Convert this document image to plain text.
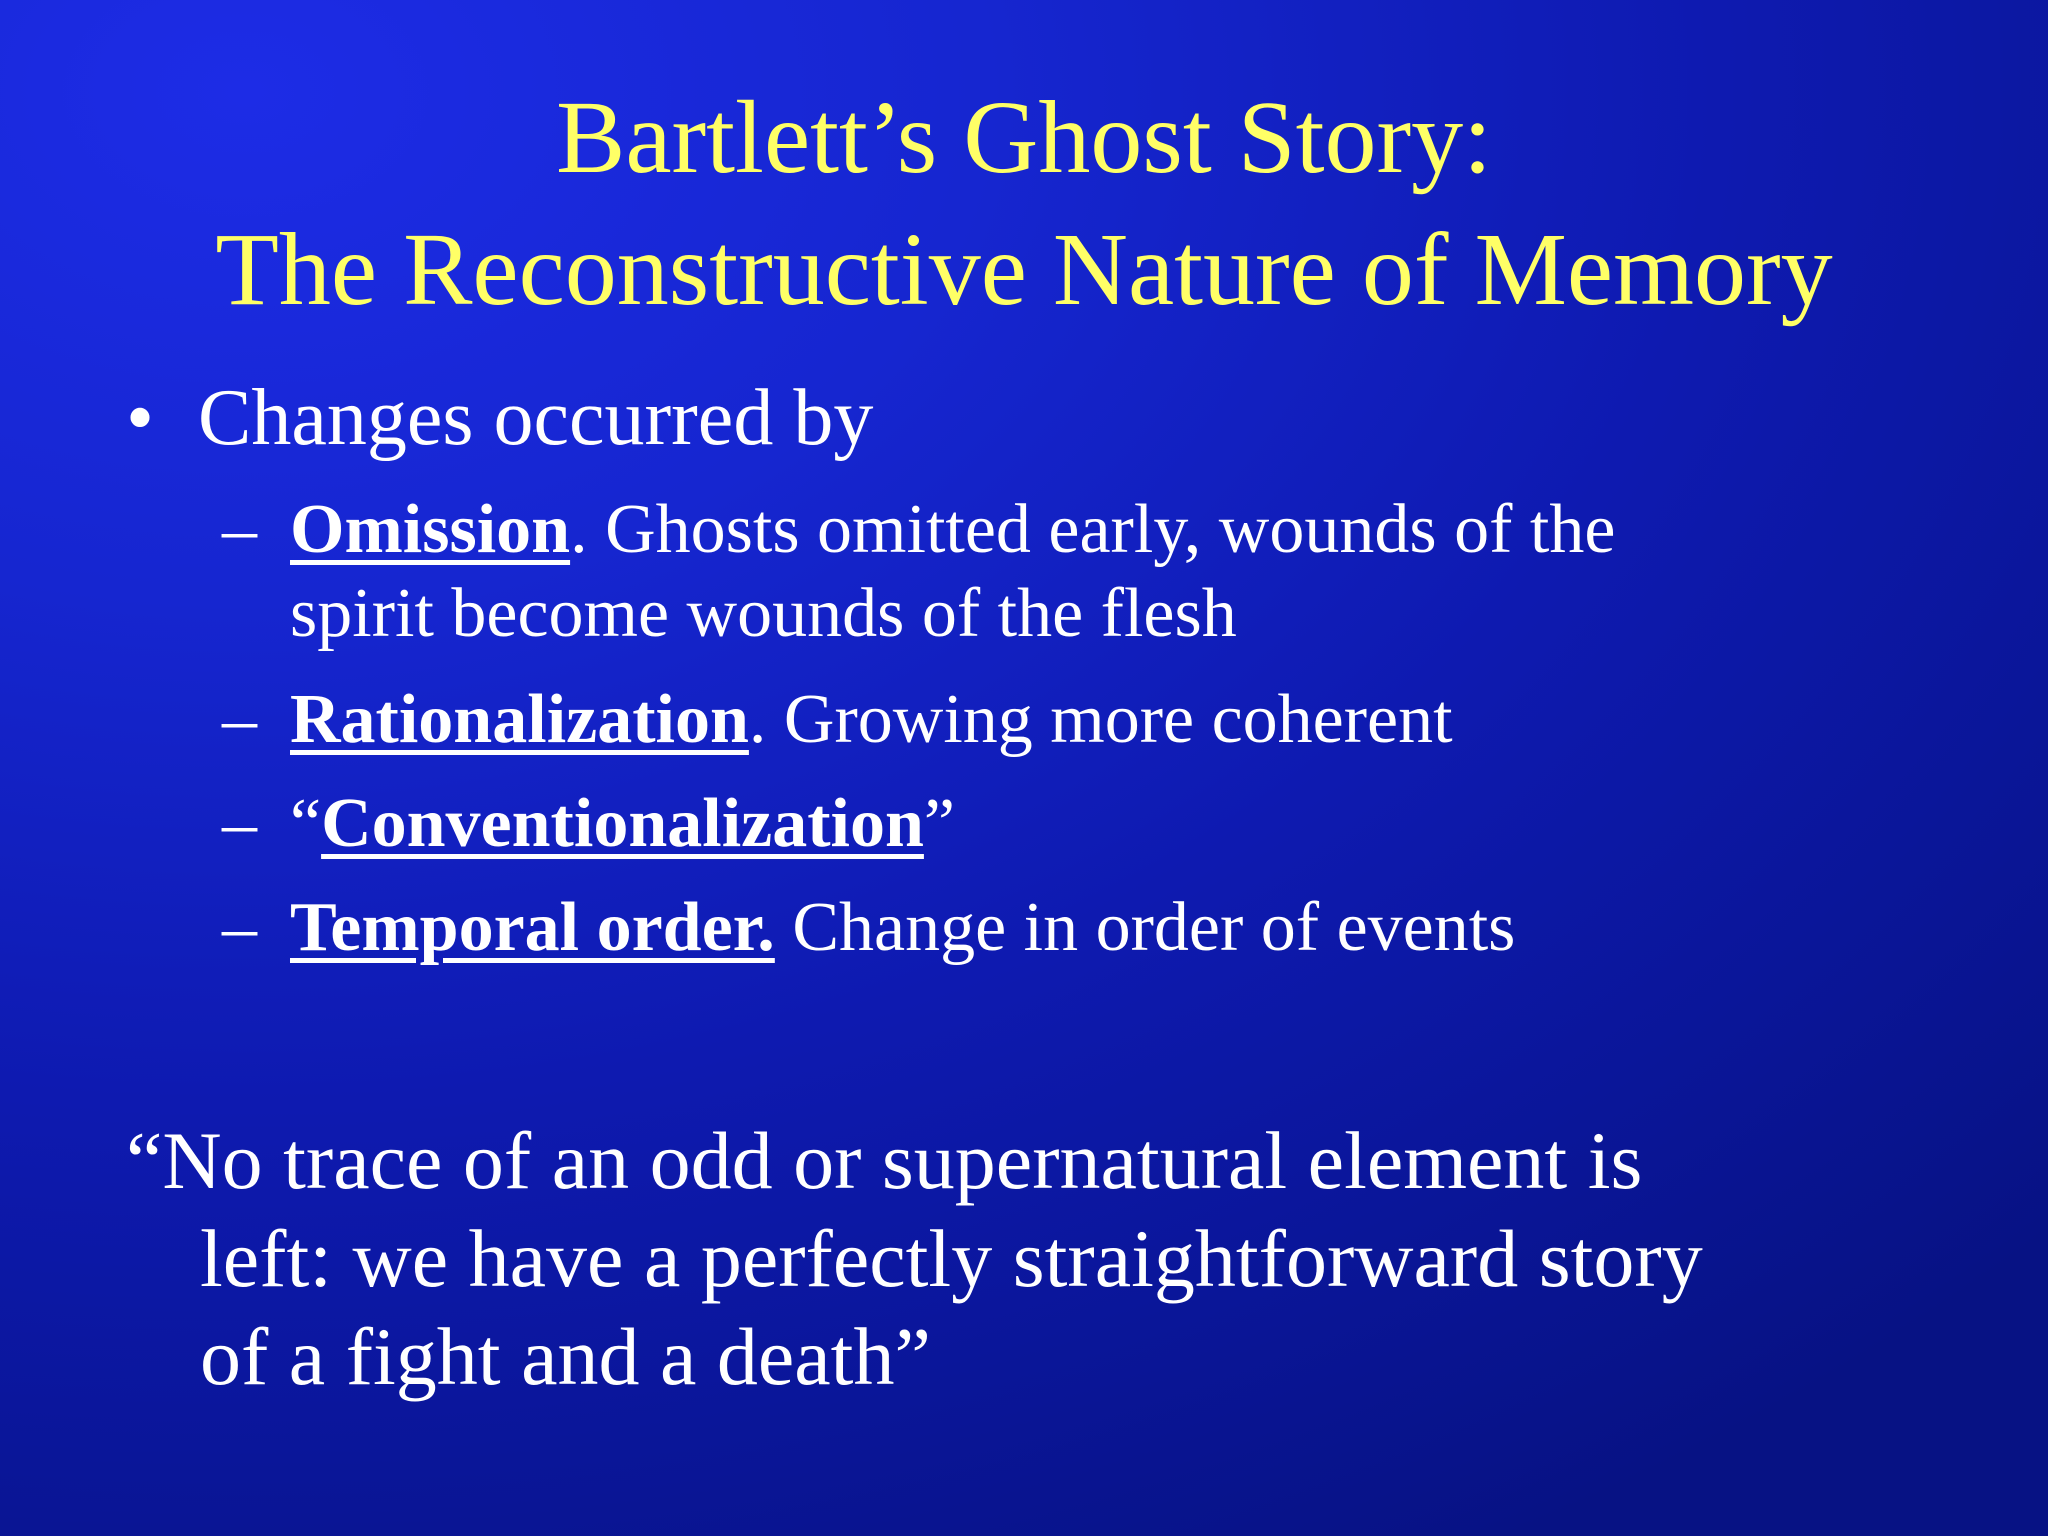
Bartlett’s Ghost Story:
The Reconstructive Nature of Memory
• Changes occurred by
– Omission. Ghosts omitted early, wounds of the
spirit become wounds of the flesh
– Rationalization. Growing more coherent
– “Conventionalization”
– Temporal order. Change in order of events
“No trace of an odd or supernatural element is
left: we have a perfectly straightforward story
of a fight and a death”
